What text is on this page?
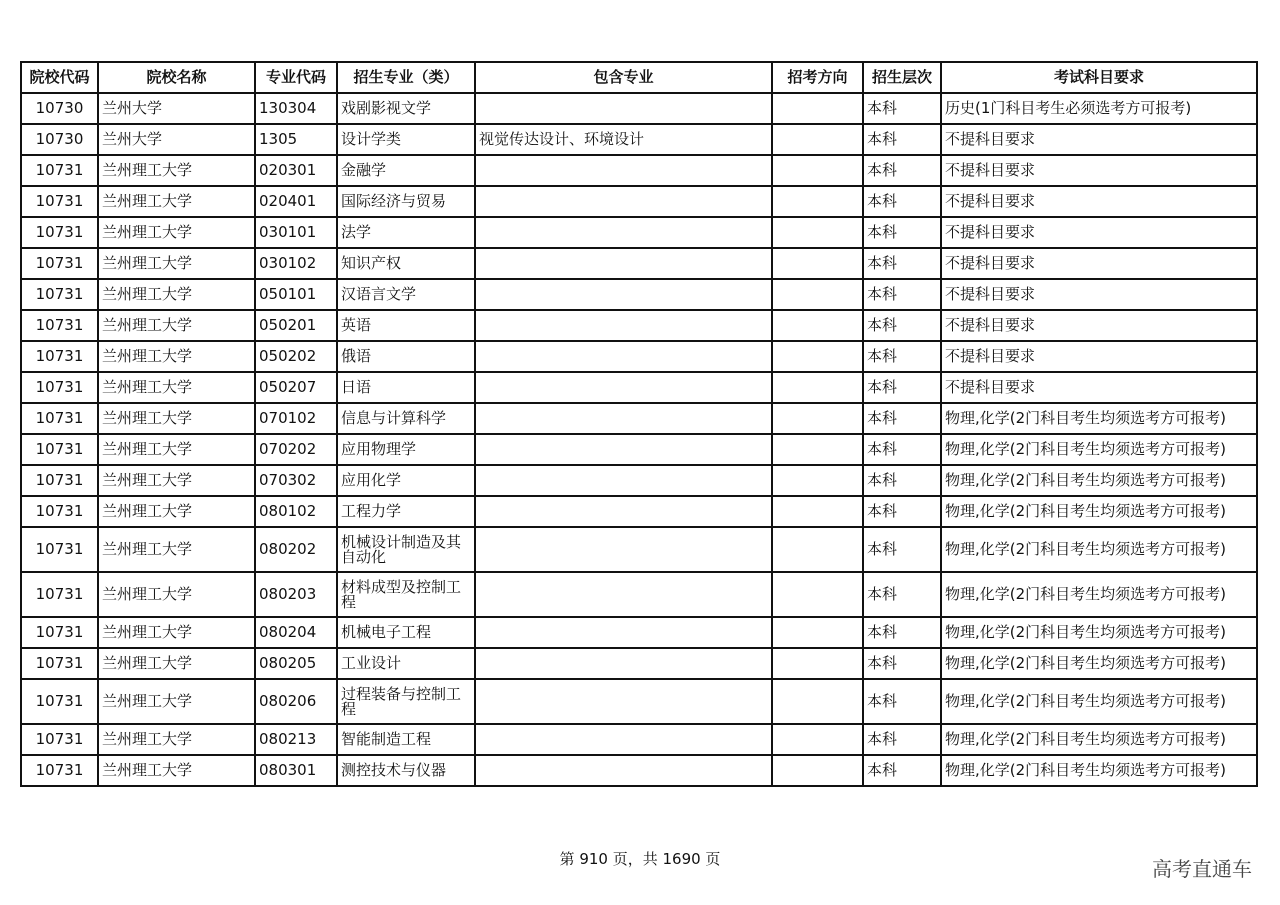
院校代码	院校名称	专业代码	招生专业（类）	包含专业	招考方向	招生层次	考试科目要求
10730	兰州大学	130304	戏剧影视文学			本科	历史(1门科目考生必须选考方可报考)
10730	兰州大学	1305	设计学类	视觉传达设计、环境设计		本科	不提科目要求
10731	兰州理工大学	020301	金融学			本科	不提科目要求
10731	兰州理工大学	020401	国际经济与贸易			本科	不提科目要求
10731	兰州理工大学	030101	法学			本科	不提科目要求
10731	兰州理工大学	030102	知识产权			本科	不提科目要求
10731	兰州理工大学	050101	汉语言文学			本科	不提科目要求
10731	兰州理工大学	050201	英语			本科	不提科目要求
10731	兰州理工大学	050202	俄语			本科	不提科目要求
10731	兰州理工大学	050207	日语			本科	不提科目要求
10731	兰州理工大学	070102	信息与计算科学			本科	物理,化学(2门科目考生均须选考方可报考)
10731	兰州理工大学	070202	应用物理学			本科	物理,化学(2门科目考生均须选考方可报考)
10731	兰州理工大学	070302	应用化学			本科	物理,化学(2门科目考生均须选考方可报考)
10731	兰州理工大学	080102	工程力学			本科	物理,化学(2门科目考生均须选考方可报考)
10731	兰州理工大学	080202	机械设计制造及其自动化			本科	物理,化学(2门科目考生均须选考方可报考)
10731	兰州理工大学	080203	材料成型及控制工程			本科	物理,化学(2门科目考生均须选考方可报考)
10731	兰州理工大学	080204	机械电子工程			本科	物理,化学(2门科目考生均须选考方可报考)
10731	兰州理工大学	080205	工业设计			本科	物理,化学(2门科目考生均须选考方可报考)
10731	兰州理工大学	080206	过程装备与控制工程			本科	物理,化学(2门科目考生均须选考方可报考)
10731	兰州理工大学	080213	智能制造工程			本科	物理,化学(2门科目考生均须选考方可报考)
10731	兰州理工大学	080301	测控技术与仪器			本科	物理,化学(2门科目考生均须选考方可报考)
第 910 页，共 1690 页	高考直通车
